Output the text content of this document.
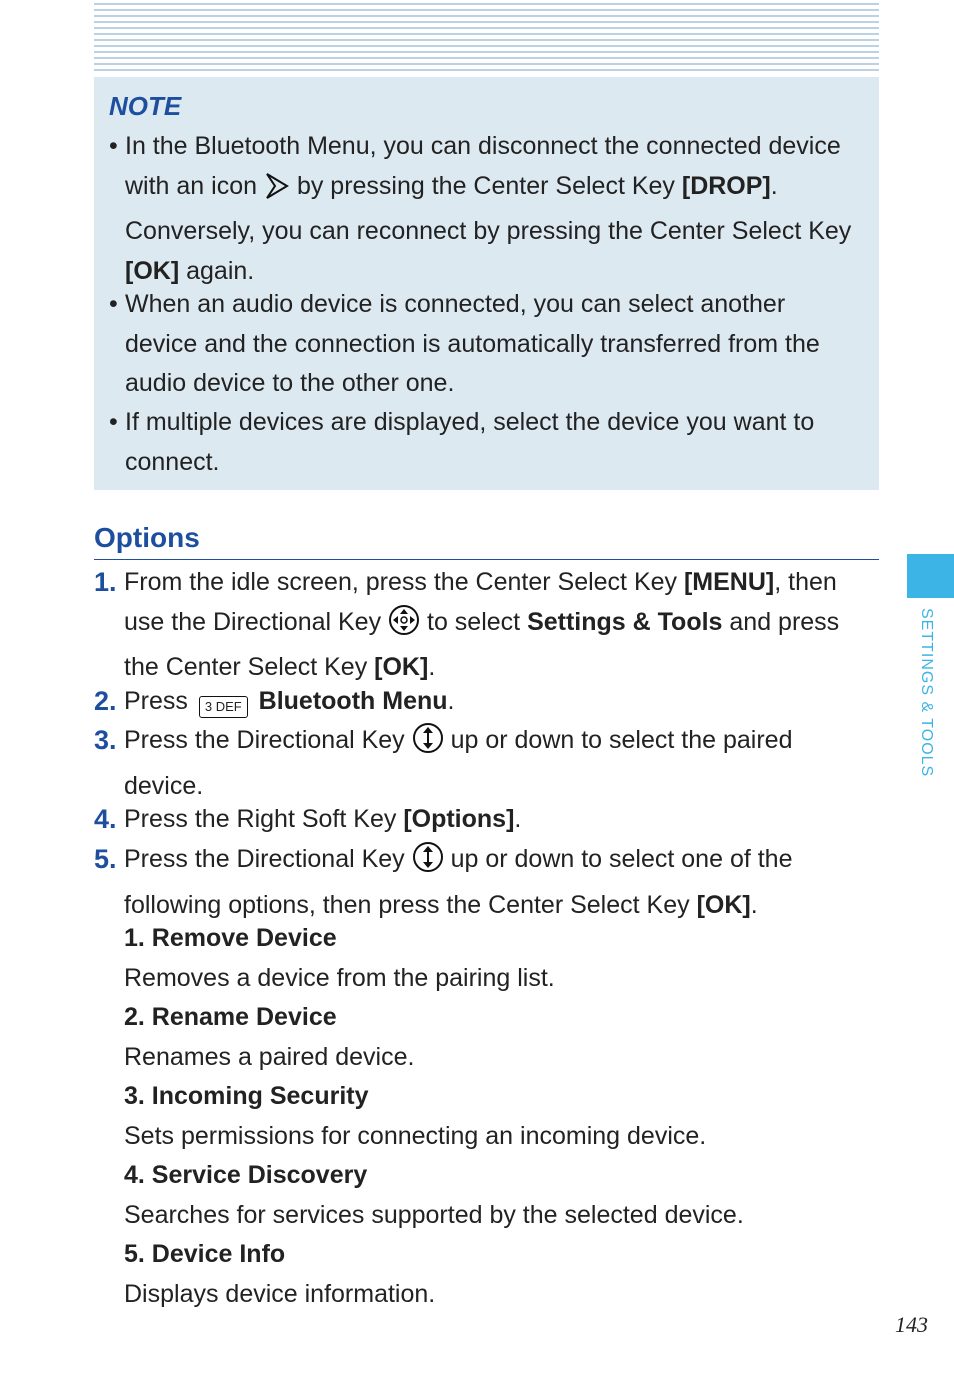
NOTE
• In the Bluetooth Menu, you can disconnect the connected device with an icon by pressing the Center Select Key [DROP]. Conversely, you can reconnect by pressing the Center Select Key [OK] again.
• When an audio device is connected, you can select another device and the connection is automatically transferred from the audio device to the other one.
• If multiple devices are displayed, select the device you want to connect.
Options
1. From the idle screen, press the Center Select Key [MENU], then use the Directional Key to select Settings & Tools and press the Center Select Key [OK].
2. Press 3 DEF Bluetooth Menu.
3. Press the Directional Key up or down to select the paired device.
4. Press the Right Soft Key [Options].
5. Press the Directional Key up or down to select one of the following options, then press the Center Select Key [OK].
1. Remove Device
Removes a device from the pairing list.
2. Rename Device
Renames a paired device.
3. Incoming Security
Sets permissions for connecting an incoming device.
4. Service Discovery
Searches for services supported by the selected device.
5. Device Info
Displays device information.
SETTINGS & TOOLS
143
